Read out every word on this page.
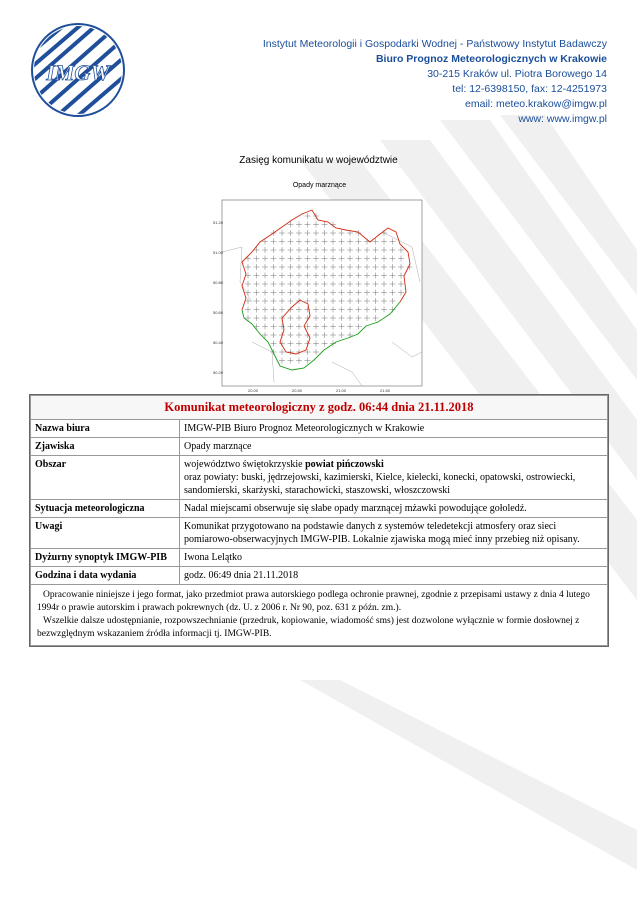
IMGW
Instytut Meteorologii i Gospodarki Wodnej - Państwowy Instytut Badawczy
Biuro Prognoz Meteorologicznych w Krakowie
30-215 Kraków ul. Piotra Borowego 14
tel: 12-6398150, fax: 12-4251973
email: meteo.krakow@imgw.pl
www: www.imgw.pl
Zasięg komunikatu w województwie
Opady marznące
51.20
51.00
50.80
50.60
50.40
50.20
20.00	20.50	21.00	21.50
Komunikat meteorologiczny z godz. 06:44 dnia 21.11.2018	
Nazwa biura	IMGW-PIB Biuro Prognoz Meteorologicznych w Krakowie
Zjawiska	Opady marznące
Obszar	województwo świętokrzyskie powiat pińczowski
oraz powiaty: buski, jędrzejowski, kazimierski, Kielce, kielecki, konecki, opatowski, ostrowiecki, sandomierski, skarżyski, starachowicki, staszowski, włoszczowski
Sytuacja meteorologiczna	Nadal miejscami obserwuje się słabe opady marznącej mżawki powodujące gołoledź.
Uwagi	Komunikat przygotowano na podstawie danych z systemów teledetekcji atmosfery oraz sieci pomiarowo-obserwacyjnych IMGW-PIB. Lokalnie zjawiska mogą mieć inny przebieg niż opisany.
Dyżurny synoptyk IMGW-PIB	Iwona Lelątko
Godzina i data wydania	godz. 06:49 dnia 21.11.2018

Opracowanie niniejsze i jego format, jako przedmiot prawa autorskiego podlega ochronie prawnej, zgodnie z przepisami ustawy z dnia 4 lutego 1994r o prawie autorskim i prawach pokrewnych (dz. U. z 2006 r. Nr 90, poz. 631 z późn. zm.).

Wszelkie dalsze udostępnianie, rozpowszechnianie (przedruk, kopiowanie, wiadomość sms) jest dozwolone wyłącznie w formie dosłownej z bezwzględnym wskazaniem źródła informacji tj. IMGW-PIB.	
